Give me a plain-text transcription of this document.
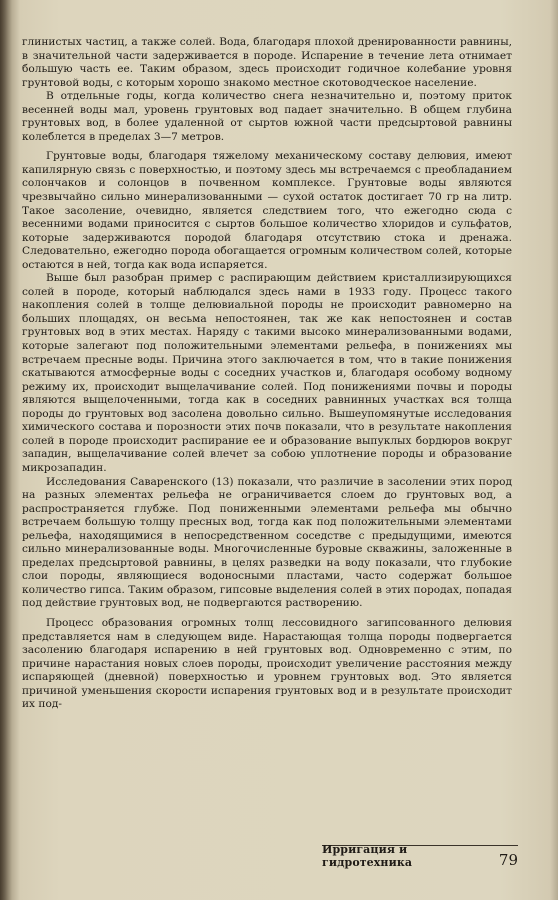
глинистых частиц, а также солей. Вода, благодаря плохой дренированности равнины, в значительной части задерживается в породе. Испарение в течение лета отнимает большую часть ее. Таким образом, здесь происходит годичное колебание уровня грунтовой воды, с которым хорошо знакомо местное скотоводческое население.

В отдельные годы, когда количество снега незначительно и, поэтому приток весенней воды мал, уровень грунтовых вод падает значительно. В общем глубина грунтовых вод, в более удаленной от сыртов южной части предсыртовой равнины колеблется в пределах 3—7 метров.

Грунтовые воды, благодаря тяжелому механическому составу делювия, имеют капилярную связь с поверхностью, и поэтому здесь мы встречаемся с преобладанием солончаков и солонцов в почвенном комплексе. Грунтовые воды являются чрезвычайно сильно минерализованными — сухой остаток достигает 70 гр на литр. Такое засоление, очевидно, является следствием того, что ежегодно сюда с весенними водами приносится с сыртов большое количество хлоридов и сульфатов, которые задерживаются породой благодаря отсутствию стока и дренажа. Следовательно, ежегодно порода обогащается огромным количеством солей, которые остаются в ней, тогда как вода испаряется.

Выше был разобран пример с распирающим действием кристаллизирующихся солей в породе, который наблюдался здесь нами в 1933 году. Процесс такого накопления солей в толще делювиальной породы не происходит равномерно на больших площадях, он весьма непостоянен, так же как непостоянен и состав грунтовых вод в этих местах. Наряду с такими высоко минерализованными водами, которые залегают под положительными элементами рельефа, в понижениях мы встречаем пресные воды. Причина этого заключается в том, что в такие понижения скатываются атмосферные воды с соседних участков и, благодаря особому водному режиму их, происходит выщелачивание солей. Под понижениями почвы и породы являются выщелоченными, тогда как в соседних равнинных участках вся толща породы до грунтовых вод засолена довольно сильно. Вышеупомянутые исследования химического состава и порозности этих почв показали, что в результате накопления солей в породе происходит распирание ее и образование выпуклых бордюров вокруг западин, выщелачивание солей влечет за собою уплотнение породы и образование микрозападин.

Исследования Саваренского (13) показали, что различие в засолении этих пород на разных элементах рельефа не ограничивается слоем до грунтовых вод, а распространяется глубже. Под пониженными элементами рельефа мы обычно встречаем большую толщу пресных вод, тогда как под положительными элементами рельефа, находящимися в непосредственном соседстве с предыдущими, имеются сильно минерализованные воды. Многочисленные буровые скважины, заложенные в пределах предсыртовой равнины, в целях разведки на воду показали, что глубокие слои породы, являющиеся водоносными пластами, часто содержат большое количество гипса. Таким образом, гипсовые выделения солей в этих породах, попадая под действие грунтовых вод, не подвергаются растворению.

Процесс образования огромных толщ лессовидного загипсованного делювия представляется нам в следующем виде. Нарастающая толща породы подвергается засолению благодаря испарению в ней грунтовых вод. Одновременно с этим, по причине нарастания новых слоев породы, происходит увеличение расстояния между испаряющей (дневной) поверхностью и уровнем грунтовых вод. Это является причиной уменьшения скорости испарения грунтовых вод и в результате происходит их под-

Ирригация и гидротехника	79
